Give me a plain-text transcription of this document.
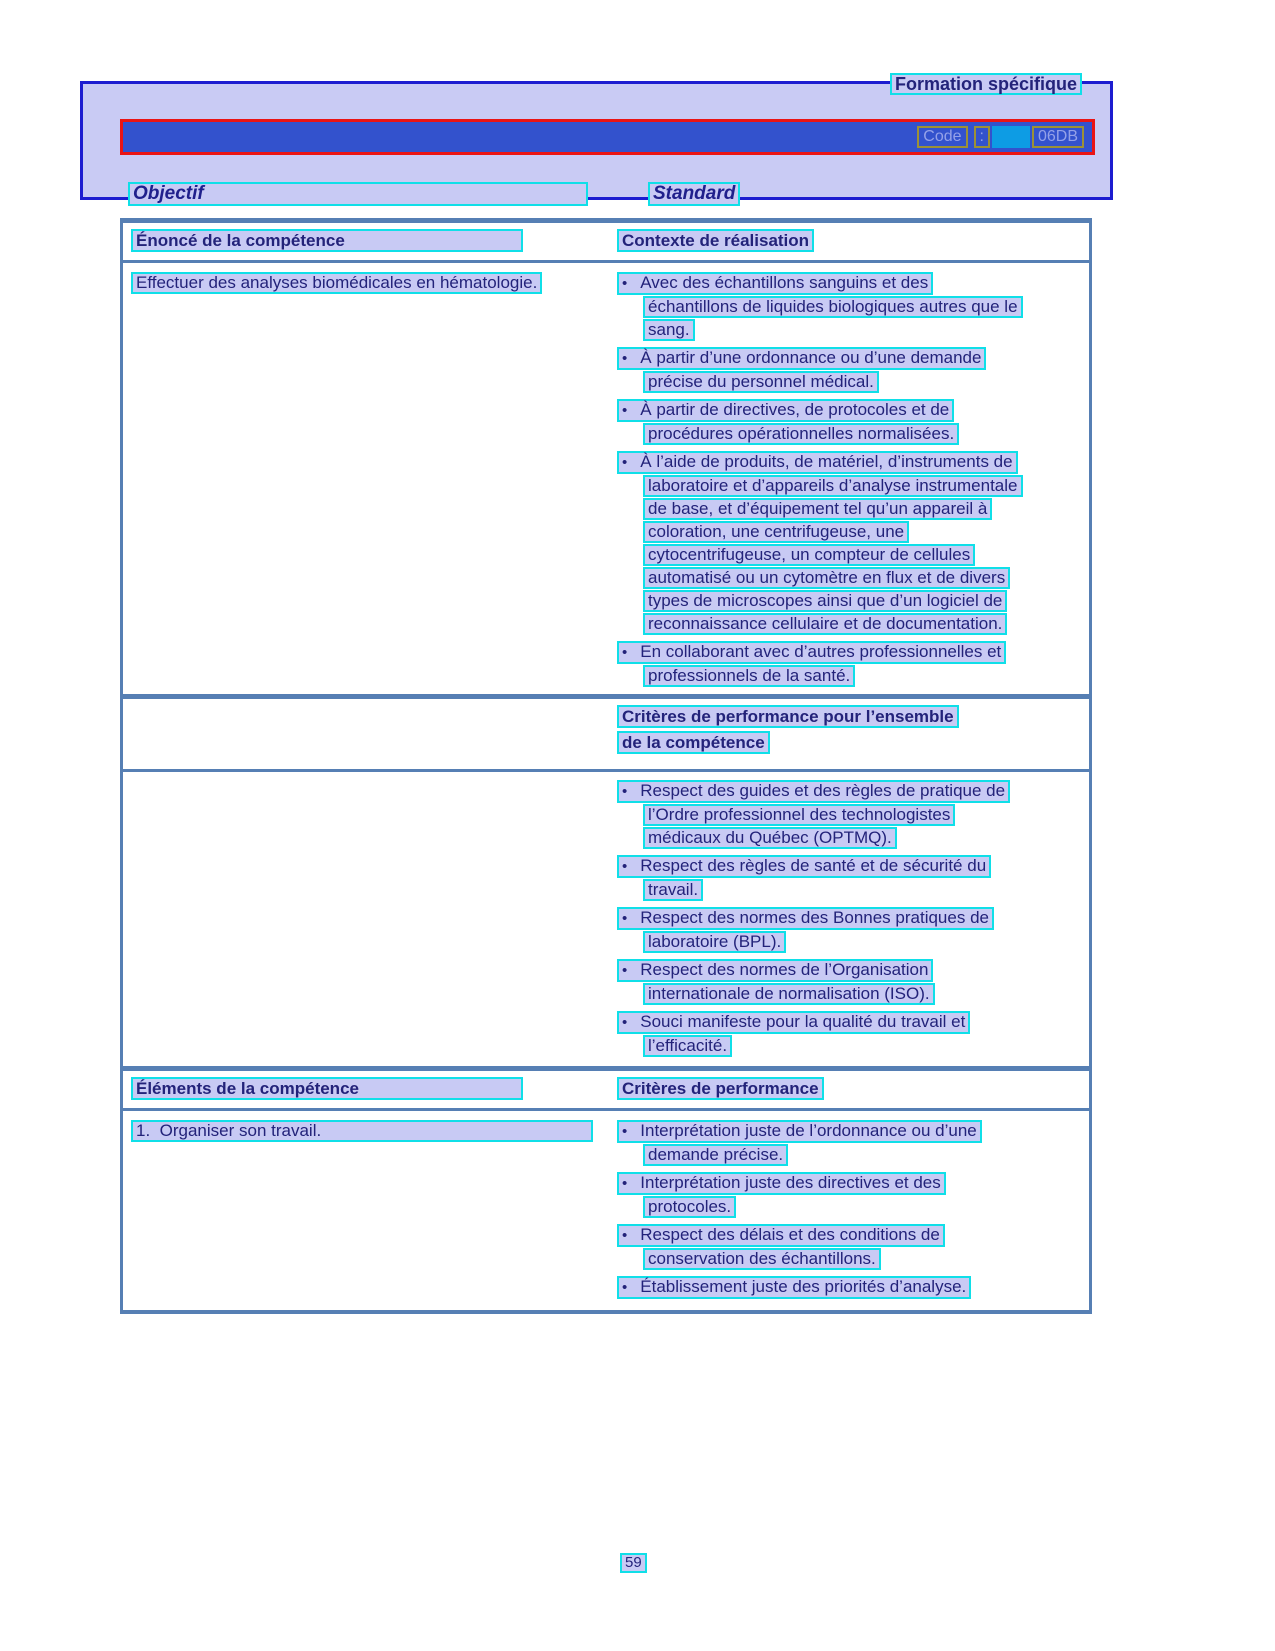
Formation spécifique
Code	:	06DB
Objectif	Standard
Énoncé de la compétence	Contexte de réalisation
Effectuer des analyses biomédicales en hématologie.	• Avec des échantillons sanguins et des
échantillons de liquides biologiques autres que le
sang.
• À partir d’une ordonnance ou d’une demande
précise du personnel médical.
• À partir de directives, de protocoles et de
procédures opérationnelles normalisées.
• À l’aide de produits, de matériel, d’instruments de
laboratoire et d’appareils d’analyse instrumentale
de base, et d’équipement tel qu’un appareil à
coloration, une centrifugeuse, une
cytocentrifugeuse, un compteur de cellules
automatisé ou un cytomètre en flux et de divers
types de microscopes ainsi que d’un logiciel de
reconnaissance cellulaire et de documentation.
• En collaborant avec d’autres professionnelles et
professionnels de la santé.
Critères de performance pour l’ensemble
de la compétence
• Respect des guides et des règles de pratique de
l’Ordre professionnel des technologistes
médicaux du Québec (OPTMQ).
• Respect des règles de santé et de sécurité du
travail.
• Respect des normes des Bonnes pratiques de
laboratoire (BPL).
• Respect des normes de l’Organisation
internationale de normalisation (ISO).
• Souci manifeste pour la qualité du travail et
l’efficacité.
Éléments de la compétence	Critères de performance
1.  Organiser son travail.	• Interprétation juste de l’ordonnance ou d’une
demande précise.
• Interprétation juste des directives et des
protocoles.
• Respect des délais et des conditions de
conservation des échantillons.
• Établissement juste des priorités d’analyse.
59
